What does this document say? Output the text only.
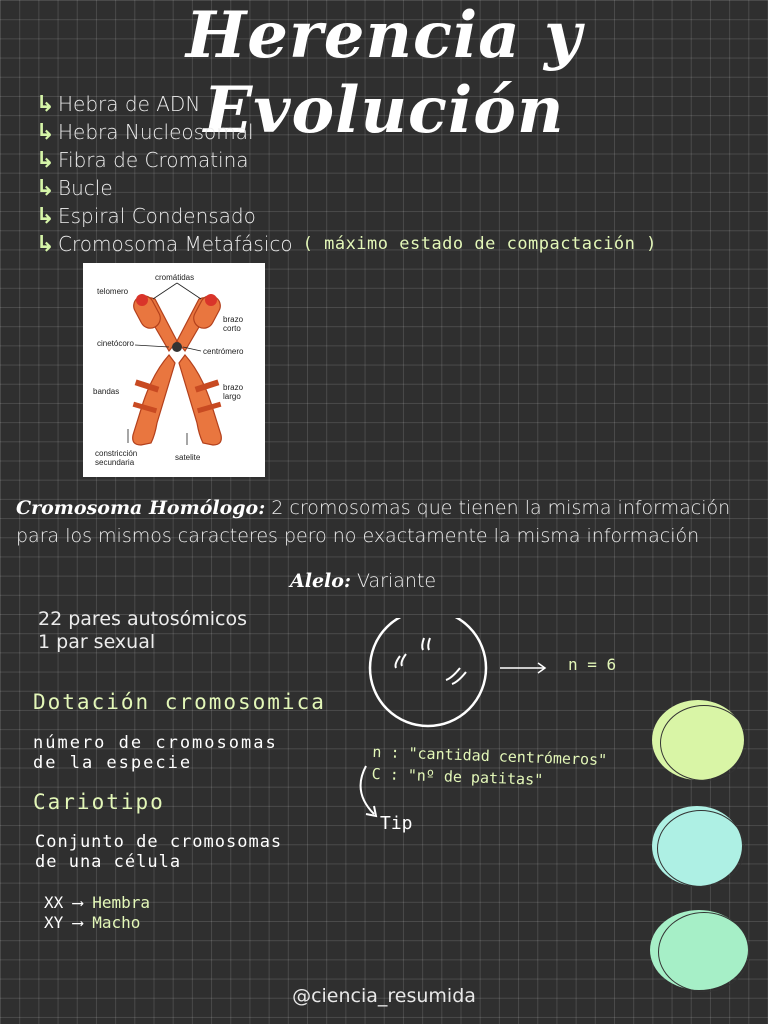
Herencia y Evolución
↳ Hebra de ADN
↳ Hebra Nucleosomal
↳ Fibra de Cromatina
↳ Bucle
↳ Espiral Condensado
↳ Cromosoma Metafásico ( máximo estado de compactación )
cromátidas
telomero
brazo
corto
cinetócoro
centrómero
bandas	brazo
largo
constricción
secundaria
satelite
Cromosoma Homólogo: 2 cromosomas que tienen la misma información para los mismos caracteres pero no exactamente la misma información
Alelo: Variante
22 pares autosómicos
1 par sexual
n = 6
Dotación cromosomica
número de cromosomas
de la especie
Cariotipo
Conjunto de cromosomas
de una célula
XX ⟶ Hembra
XY ⟶ Macho
n : "cantidad centrómeros"
C : "nº de patitas"
Tip
@ciencia_resumida
